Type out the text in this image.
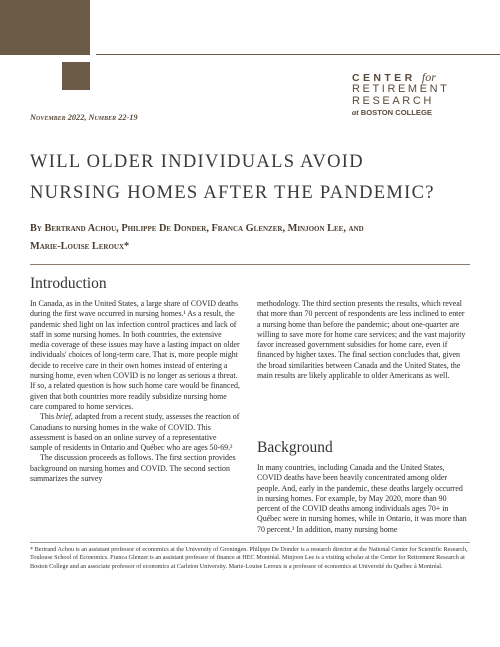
CENTER for
RETIREMENT
RESEARCH
at BOSTON COLLEGE
November 2022, Number 22-19
WILL OLDER INDIVIDUALS AVOID
NURSING HOMES AFTER THE PANDEMIC?

By Bertrand Achou, Philippe De Donder, Franca Glenzer, Minjoon Lee, and
Marie-Louise Leroux*

Introduction

In Canada, as in the United States, a large share of COVID deaths during the first wave occurred in nursing homes.¹ As a result, the pandemic shed light on lax infection control practices and lack of staff in some nursing homes. In both countries, the extensive media coverage of these issues may have a lasting impact on older individuals' choices of long-term care. That is, more people might decide to receive care in their own homes instead of entering a nursing home, even when COVID is no longer as serious a threat. If so, a related question is how such home care would be financed, given that both countries more readily subsidize nursing home care compared to home services.

This brief, adapted from a recent study, assesses the reaction of Canadians to nursing homes in the wake of COVID. This assessment is based on an online survey of a representative sample of residents in Ontario and Québec who are ages 50-69.²

The discussion proceeds as follows. The first section provides background on nursing homes and COVID. The second section summarizes the survey

methodology. The third section presents the results, which reveal that more than 70 percent of respondents are less inclined to enter a nursing home than before the pandemic; about one-quarter are willing to save more for home care services; and the vast majority favor increased government subsidies for home care, even if financed by higher taxes. The final section concludes that, given the broad similarities between Canada and the United States, the main results are likely applicable to older Americans as well.

Background

In many countries, including Canada and the United States, COVID deaths have been heavily concentrated among older people. And, early in the pandemic, these deaths largely occurred in nursing homes. For example, by May 2020, more than 90 percent of the COVID deaths among individuals ages 70+ in Québec were in nursing homes, while in Ontario, it was more than 70 percent.³ In addition, many nursing home

* Bertrand Achou is an assistant professor of economics at the University of Groningen. Philippe De Donder is a research director at the National Center for Scientific Research, Toulouse School of Economics. Franca Glenzer is an assistant professor of finance at HEC Montréal. Minjoon Lee is a visiting scholar at the Center for Retirement Research at Boston College and an associate professor of economics at Carleton University. Marie-Louise Leroux is a professor of economics at Université du Québec à Montréal.
